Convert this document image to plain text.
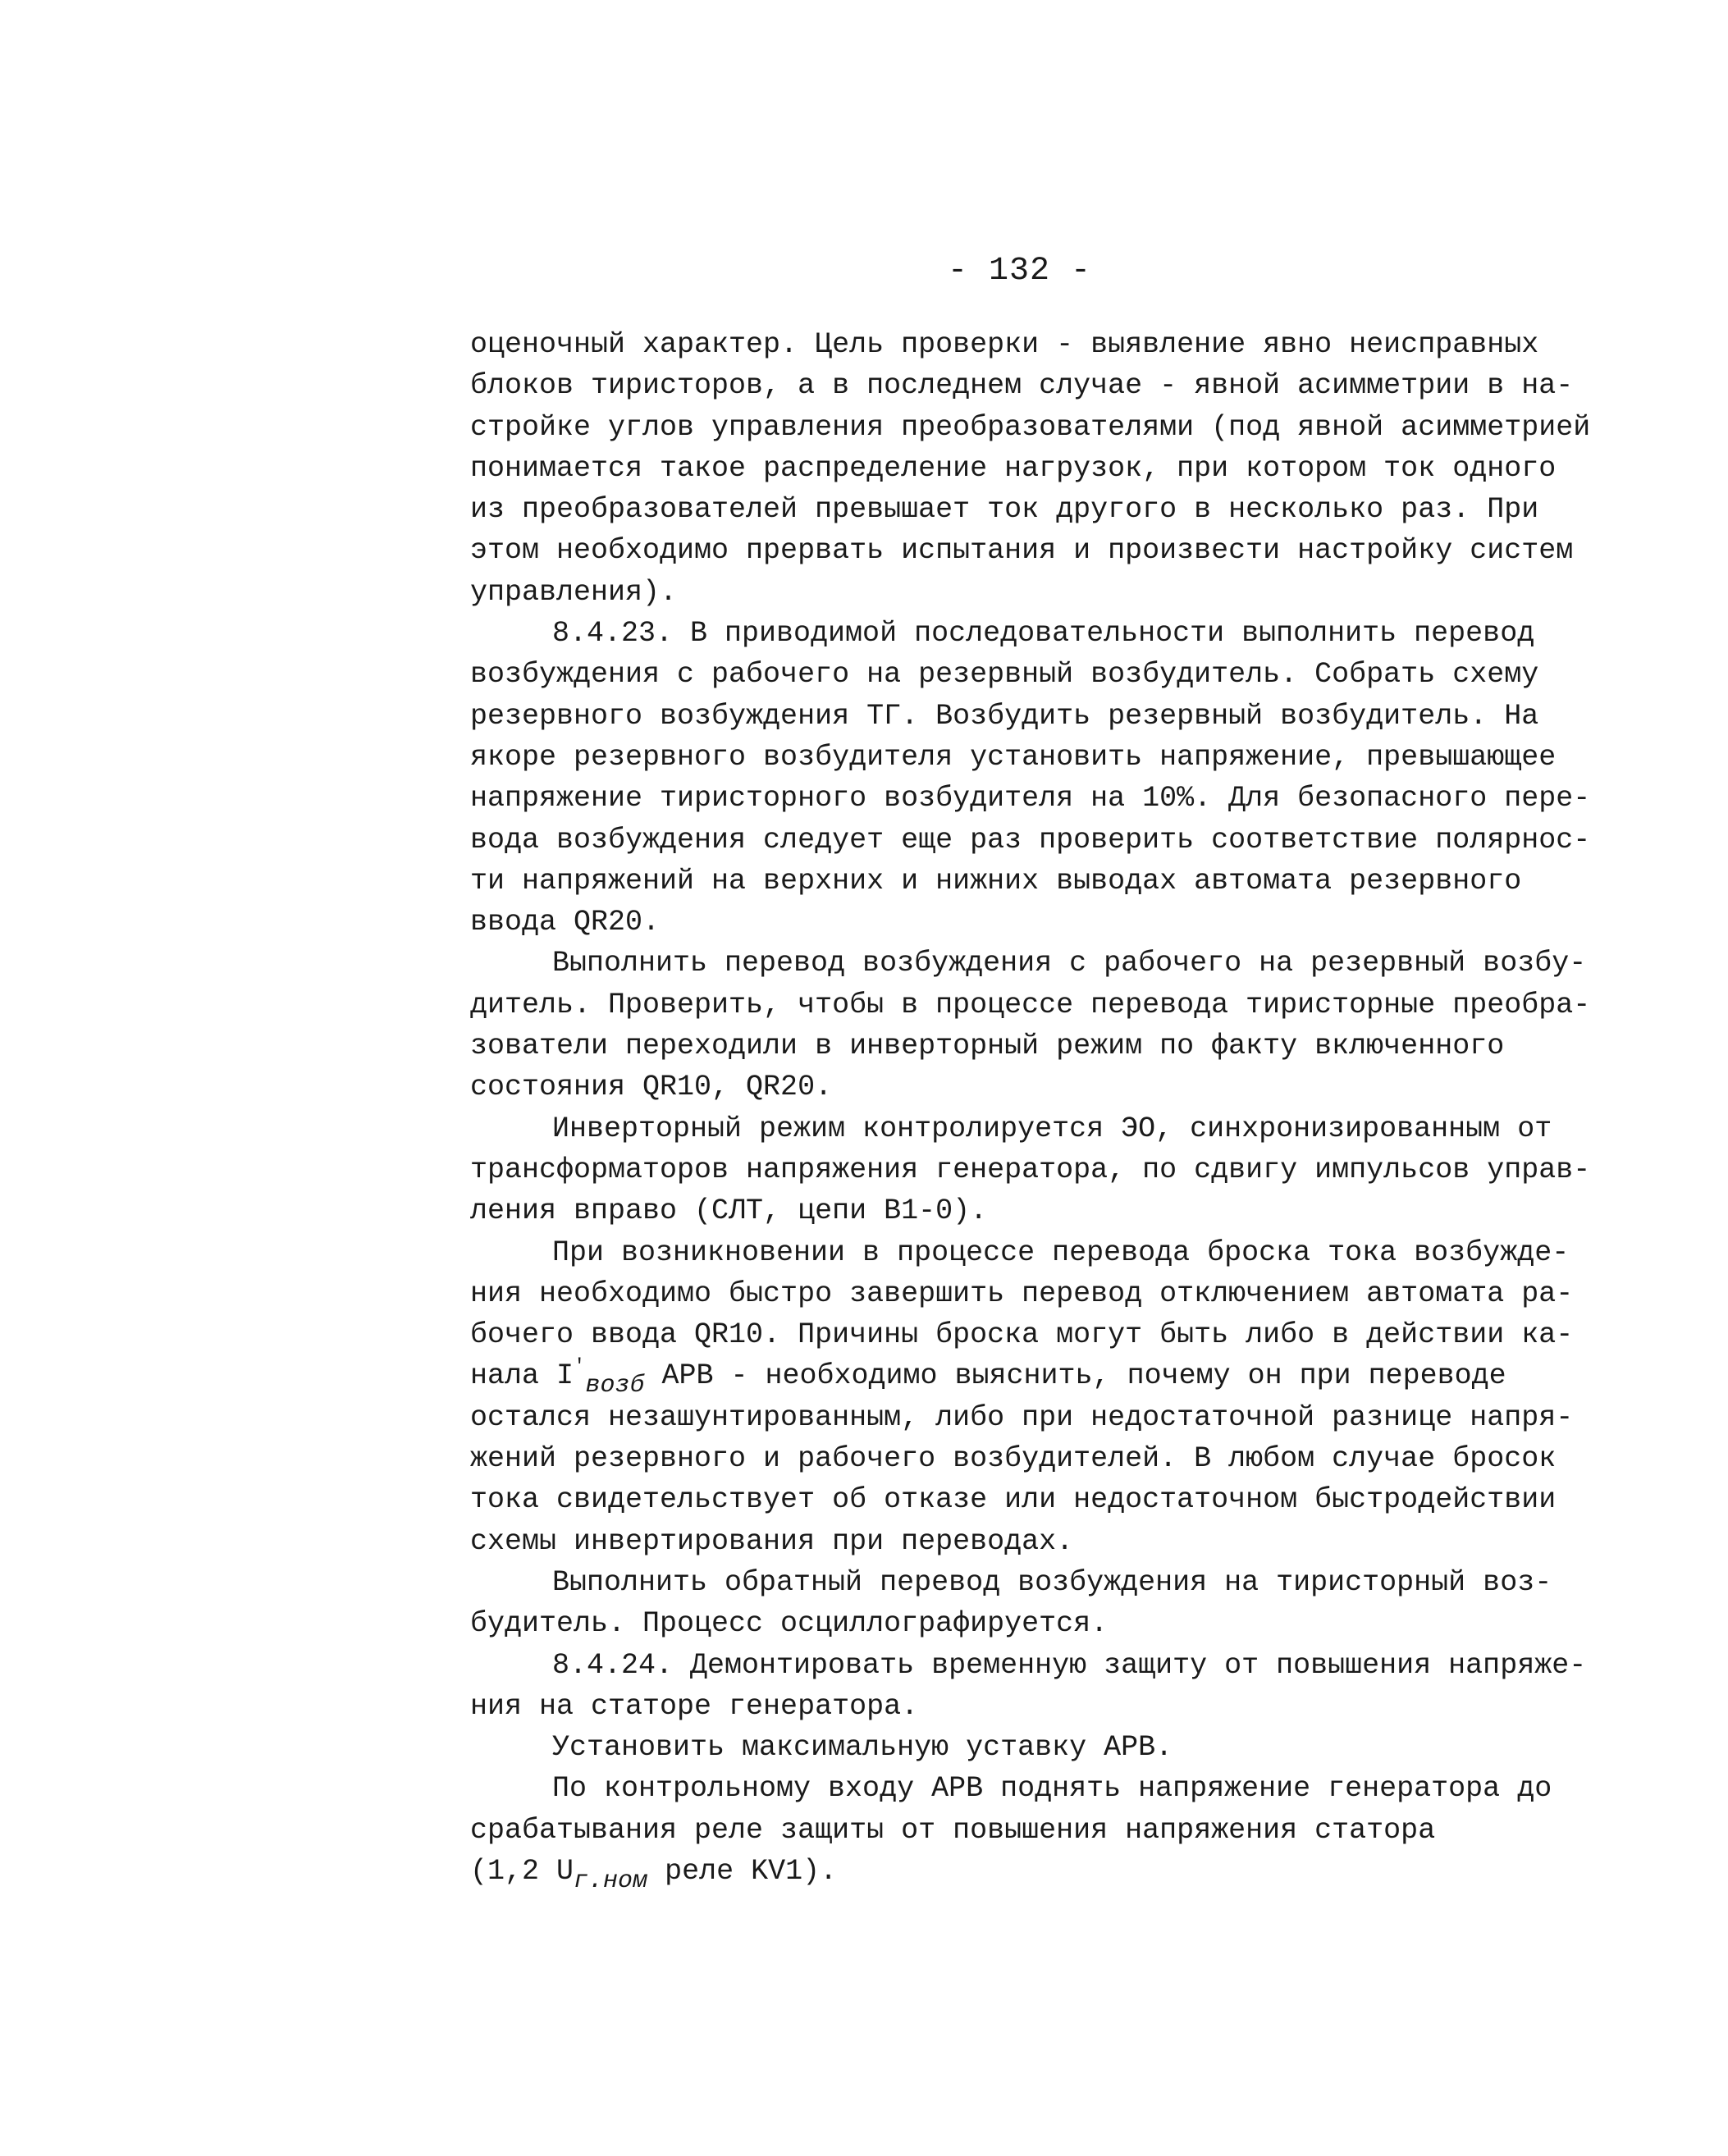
- 132 -
оценочный характер. Цель проверки - выявление явно неисправных
блоков тиристоров, а в последнем случае - явной асимметрии в на-
стройке углов управления преобразователями (под явной асимметрией
понимается такое распределение нагрузок, при котором ток одного
из преобразователей превышает ток другого в несколько раз. При
этом необходимо прервать испытания и произвести настройку систем
управления).
8.4.23. В приводимой последовательности выполнить перевод
возбуждения с рабочего на резервный возбудитель. Собрать схему
резервного возбуждения ТГ. Возбудить резервный возбудитель. На
якоре резервного возбудителя установить напряжение, превышающее
напряжение тиристорного возбудителя на 10%. Для безопасного пере-
вода возбуждения следует еще раз проверить соответствие полярнос-
ти напряжений на верхних и нижних выводах автомата резервного
ввода QR20.
Выполнить перевод возбуждения с рабочего на резервный возбу-
дитель. Проверить, чтобы в процессе перевода тиристорные преобра-
зователи переходили в инверторный режим по факту включенного
состояния QR10, QR20.
Инверторный режим контролируется ЭО, синхронизированным от
трансформаторов напряжения генератора, по сдвигу импульсов управ-
ления вправо (СЛТ, цепи В1-0).
При возникновении в процессе перевода броска тока возбужде-
ния необходимо быстро завершить перевод отключением автомата ра-
бочего ввода QR10. Причины броска могут быть либо в действии ка-
нала I′возб АРВ - необходимо выяснить, почему он при переводе
остался незашунтированным, либо при недостаточной разнице напря-
жений резервного и рабочего возбудителей. В любом случае бросок
тока свидетельствует об отказе или недостаточном быстродействии
схемы инвертирования при переводах.
Выполнить обратный перевод возбуждения на тиристорный воз-
будитель. Процесс осциллографируется.
8.4.24. Демонтировать временную защиту от повышения напряже-
ния на статоре генератора.
Установить максимальную уставку АРВ.
По контрольному входу АРВ поднять напряжение генератора до
срабатывания реле защиты от повышения напряжения статора
(1,2 Uг.ном реле KV1).
